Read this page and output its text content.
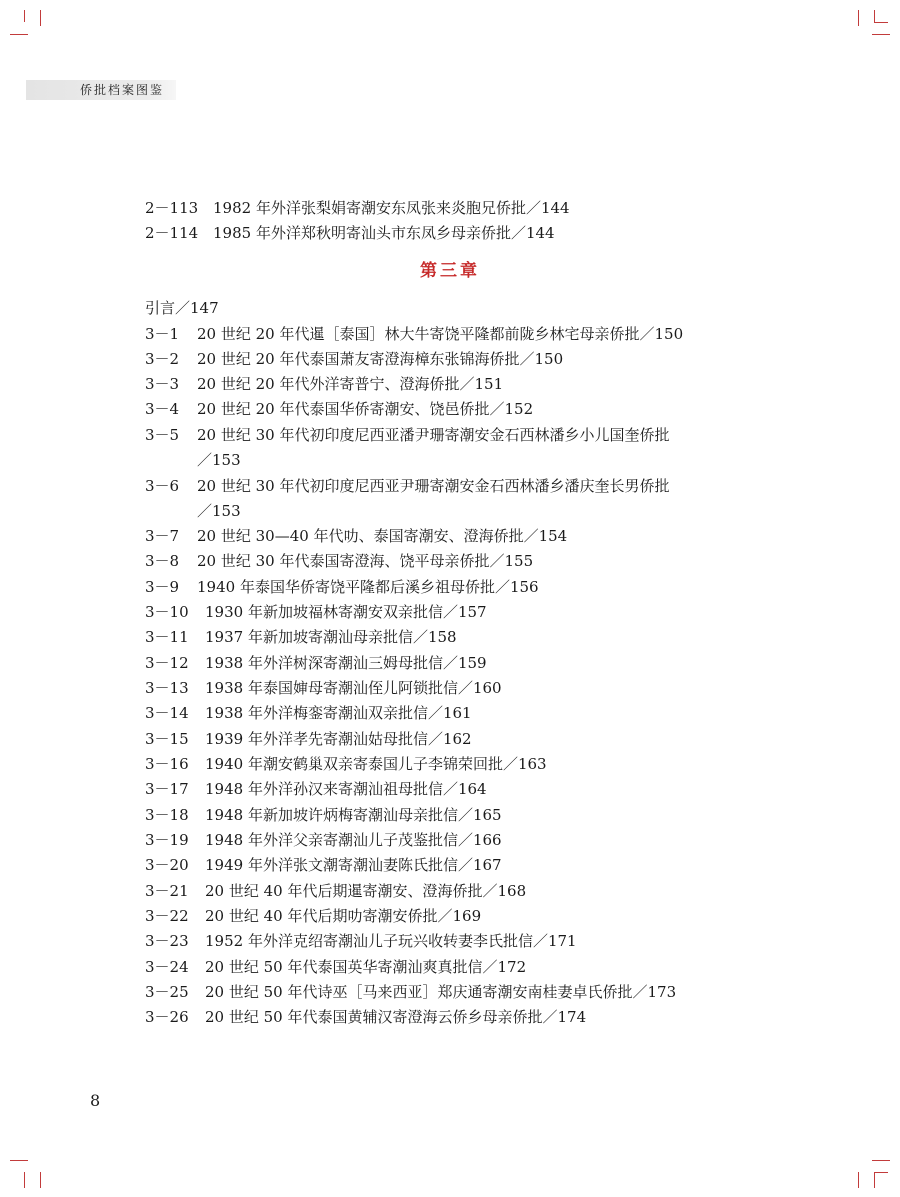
侨批档案图鉴
2－113 1982 年外洋张梨娟寄潮安东凤张来炎胞兄侨批／144
2－114 1985 年外洋郑秋明寄汕头市东凤乡母亲侨批／144
第三章
引言／147
3－1 20 世纪 20 年代暹［泰国］林大牛寄饶平隆都前陇乡林宅母亲侨批／150
3－2 20 世纪 20 年代泰国萧友寄澄海樟东张锦海侨批／150
3－3 20 世纪 20 年代外洋寄普宁、澄海侨批／151
3－4 20 世纪 20 年代泰国华侨寄潮安、饶邑侨批／152
3－5 20 世纪 30 年代初印度尼西亚潘尹珊寄潮安金石西林潘乡小儿国奎侨批
／153
3－6 20 世纪 30 年代初印度尼西亚尹珊寄潮安金石西林潘乡潘庆奎长男侨批
／153
3－7 20 世纪 30—40 年代叻、泰国寄潮安、澄海侨批／154
3－8 20 世纪 30 年代泰国寄澄海、饶平母亲侨批／155
3－9 1940 年泰国华侨寄饶平隆都后溪乡祖母侨批／156
3－10 1930 年新加坡福林寄潮安双亲批信／157
3－11 1937 年新加坡寄潮汕母亲批信／158
3－12 1938 年外洋树深寄潮汕三姆母批信／159
3－13 1938 年泰国婶母寄潮汕侄儿阿锁批信／160
3－14 1938 年外洋梅銮寄潮汕双亲批信／161
3－15 1939 年外洋孝先寄潮汕姑母批信／162
3－16 1940 年潮安鹤巢双亲寄泰国儿子李锦荣回批／163
3－17 1948 年外洋孙汉来寄潮汕祖母批信／164
3－18 1948 年新加坡许炳梅寄潮汕母亲批信／165
3－19 1948 年外洋父亲寄潮汕儿子茂鉴批信／166
3－20 1949 年外洋张文潮寄潮汕妻陈氏批信／167
3－21 20 世纪 40 年代后期暹寄潮安、澄海侨批／168
3－22 20 世纪 40 年代后期叻寄潮安侨批／169
3－23 1952 年外洋克绍寄潮汕儿子玩兴收转妻李氏批信／171
3－24 20 世纪 50 年代泰国英华寄潮汕爽真批信／172
3－25 20 世纪 50 年代诗巫［马来西亚］郑庆通寄潮安南桂妻卓氏侨批／173
3－26 20 世纪 50 年代泰国黄辅汉寄澄海云侨乡母亲侨批／174
8
